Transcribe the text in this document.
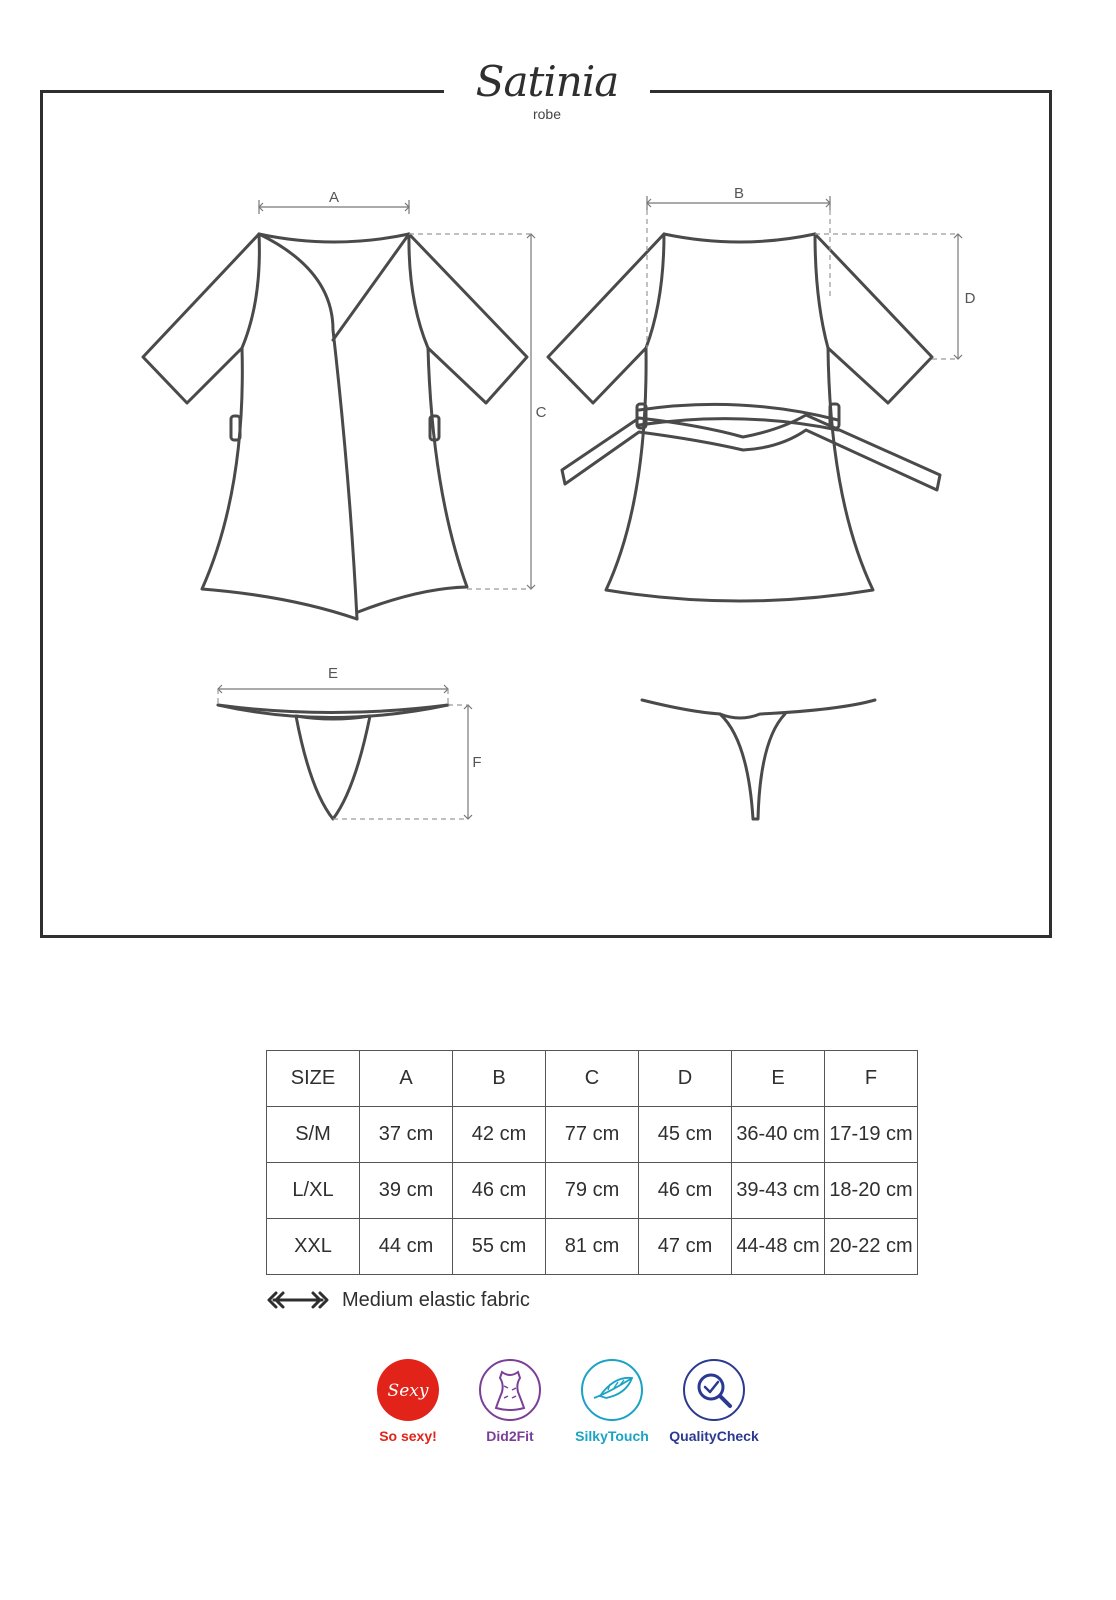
Satinia
robe
A	B
C
D
E
F
SIZE	A	B	C	D	E	F
S/M	37 cm	42 cm	77 cm	45 cm	36-40 cm	17-19 cm
L/XL	39 cm	46 cm	79 cm	46 cm	39-43 cm	18-20 cm
XXL	44 cm	55 cm	81 cm	47 cm	44-48 cm	20-22 cm
Medium elastic fabric
Sexy
So sexy!	Did2Fit	SilkyTouch	QualityCheck
